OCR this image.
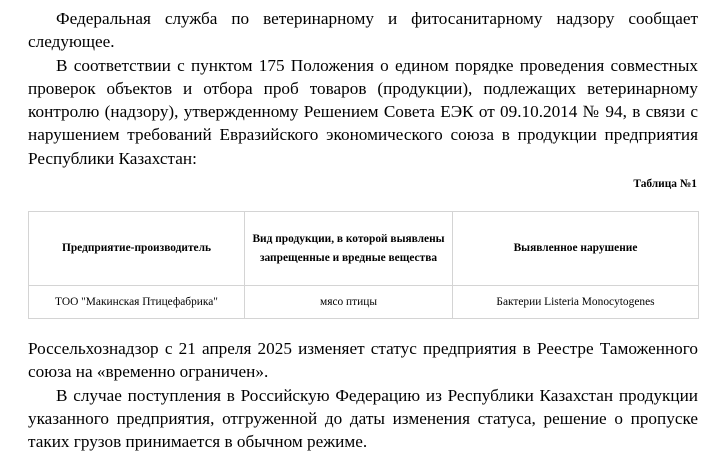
Федеральная служба по ветеринарному и фитосанитарному надзору сообщает следующее.

В соответствии с пунктом 175 Положения о едином порядке проведения совместных проверок объектов и отбора проб товаров (продукции), подлежащих ветеринарному контролю (надзору), утвержденному Решением Совета ЕЭК от 09.10.2014 № 94, в связи с нарушением требований Евразийского экономического союза в продукции предприятия Республики Казахстан:

Таблица №1
Предприятие-производитель	Вид продукции, в которой выявлены запрещенные и вредные вещества	Выявленное нарушение
ТОО "Макинская Птицефабрика"	мясо птицы	Бактерии Listeria Monocytogenes

Россельхознадзор с 21 апреля 2025 изменяет статус предприятия в Реестре Таможенного союза на «временно ограничен».

В случае поступления в Российскую Федерацию из Республики Казахстан продукции указанного предприятия, отгруженной до даты изменения статуса, решение о пропуске таких грузов принимается в обычном режиме.
